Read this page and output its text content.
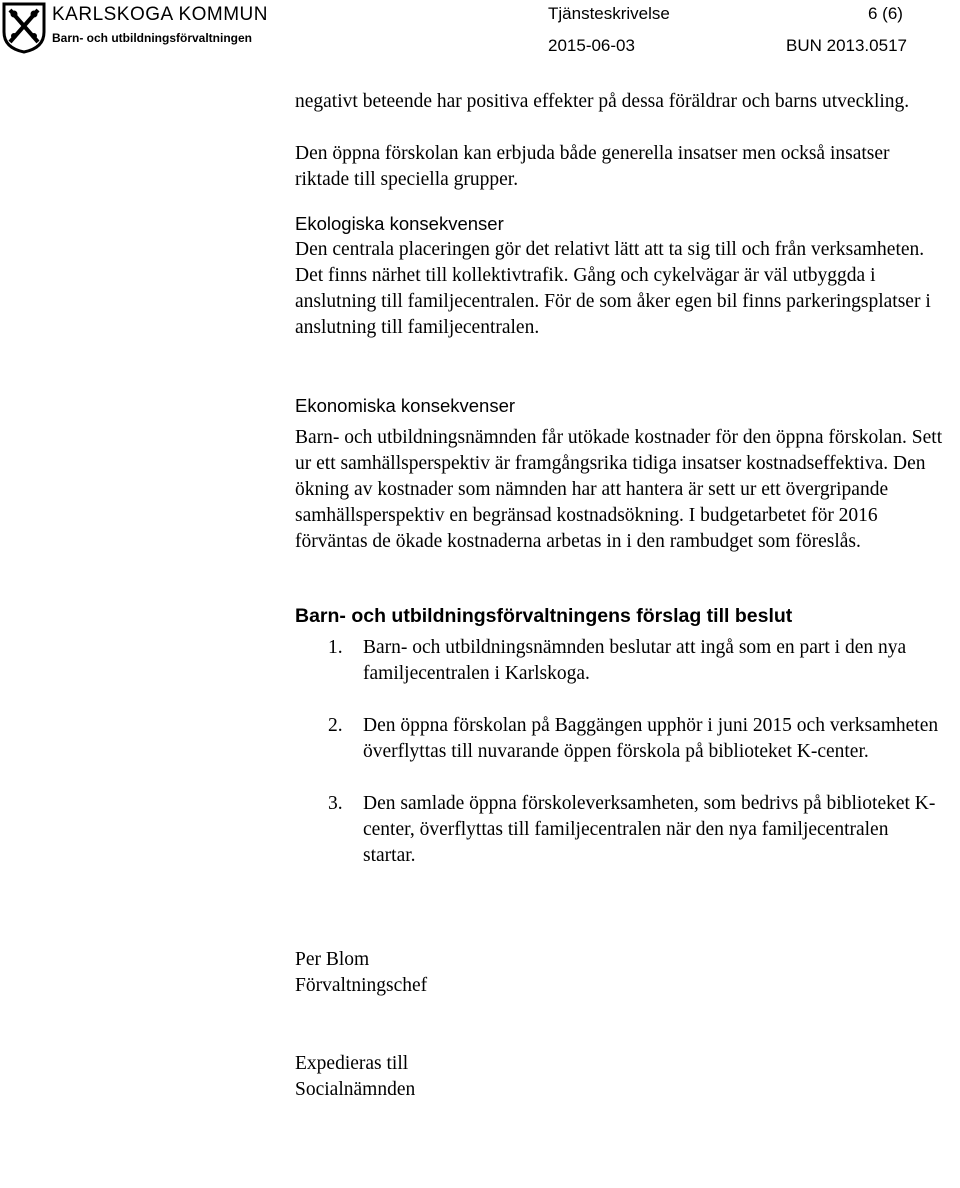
KARLSKOGA KOMMUN
Barn- och utbildningsförvaltningen
Tjänsteskrivelse	6 (6)
2015-06-03	BUN 2013.0517

negativt beteende har positiva effekter på dessa föräldrar och barns utveckling.

Den öppna förskolan kan erbjuda både generella insatser men också insatser riktade till speciella grupper.

Ekologiska konsekvenser

Den centrala placeringen gör det relativt lätt att ta sig till och från verksamheten. Det finns närhet till kollektivtrafik. Gång och cykelvägar är väl utbyggda i anslutning till familjecentralen. För de som åker egen bil finns parkeringsplatser i anslutning till familjecentralen.

Ekonomiska konsekvenser

Barn- och utbildningsnämnden får utökade kostnader för den öppna förskolan. Sett ur ett samhällsperspektiv är framgångsrika tidiga insatser kostnadseffektiva. Den ökning av kostnader som nämnden har att hantera är sett ur ett övergripande samhällsperspektiv en begränsad kostnadsökning. I budgetarbetet för 2016 förväntas de ökade kostnaderna arbetas in i den rambudget som föreslås.

Barn- och utbildningsförvaltningens förslag till beslut
1. Barn- och utbildningsnämnden beslutar att ingå som en part i den nya familjecentralen i Karlskoga.
2. Den öppna förskolan på Baggängen upphör i juni 2015 och verksamheten överflyttas till nuvarande öppen förskola på biblioteket K-center.
3. Den samlade öppna förskoleverksamheten, som bedrivs på biblioteket K-center, överflyttas till familjecentralen när den nya familjecentralen startar.

Per Blom

Förvaltningschef

Expedieras till

Socialnämnden
